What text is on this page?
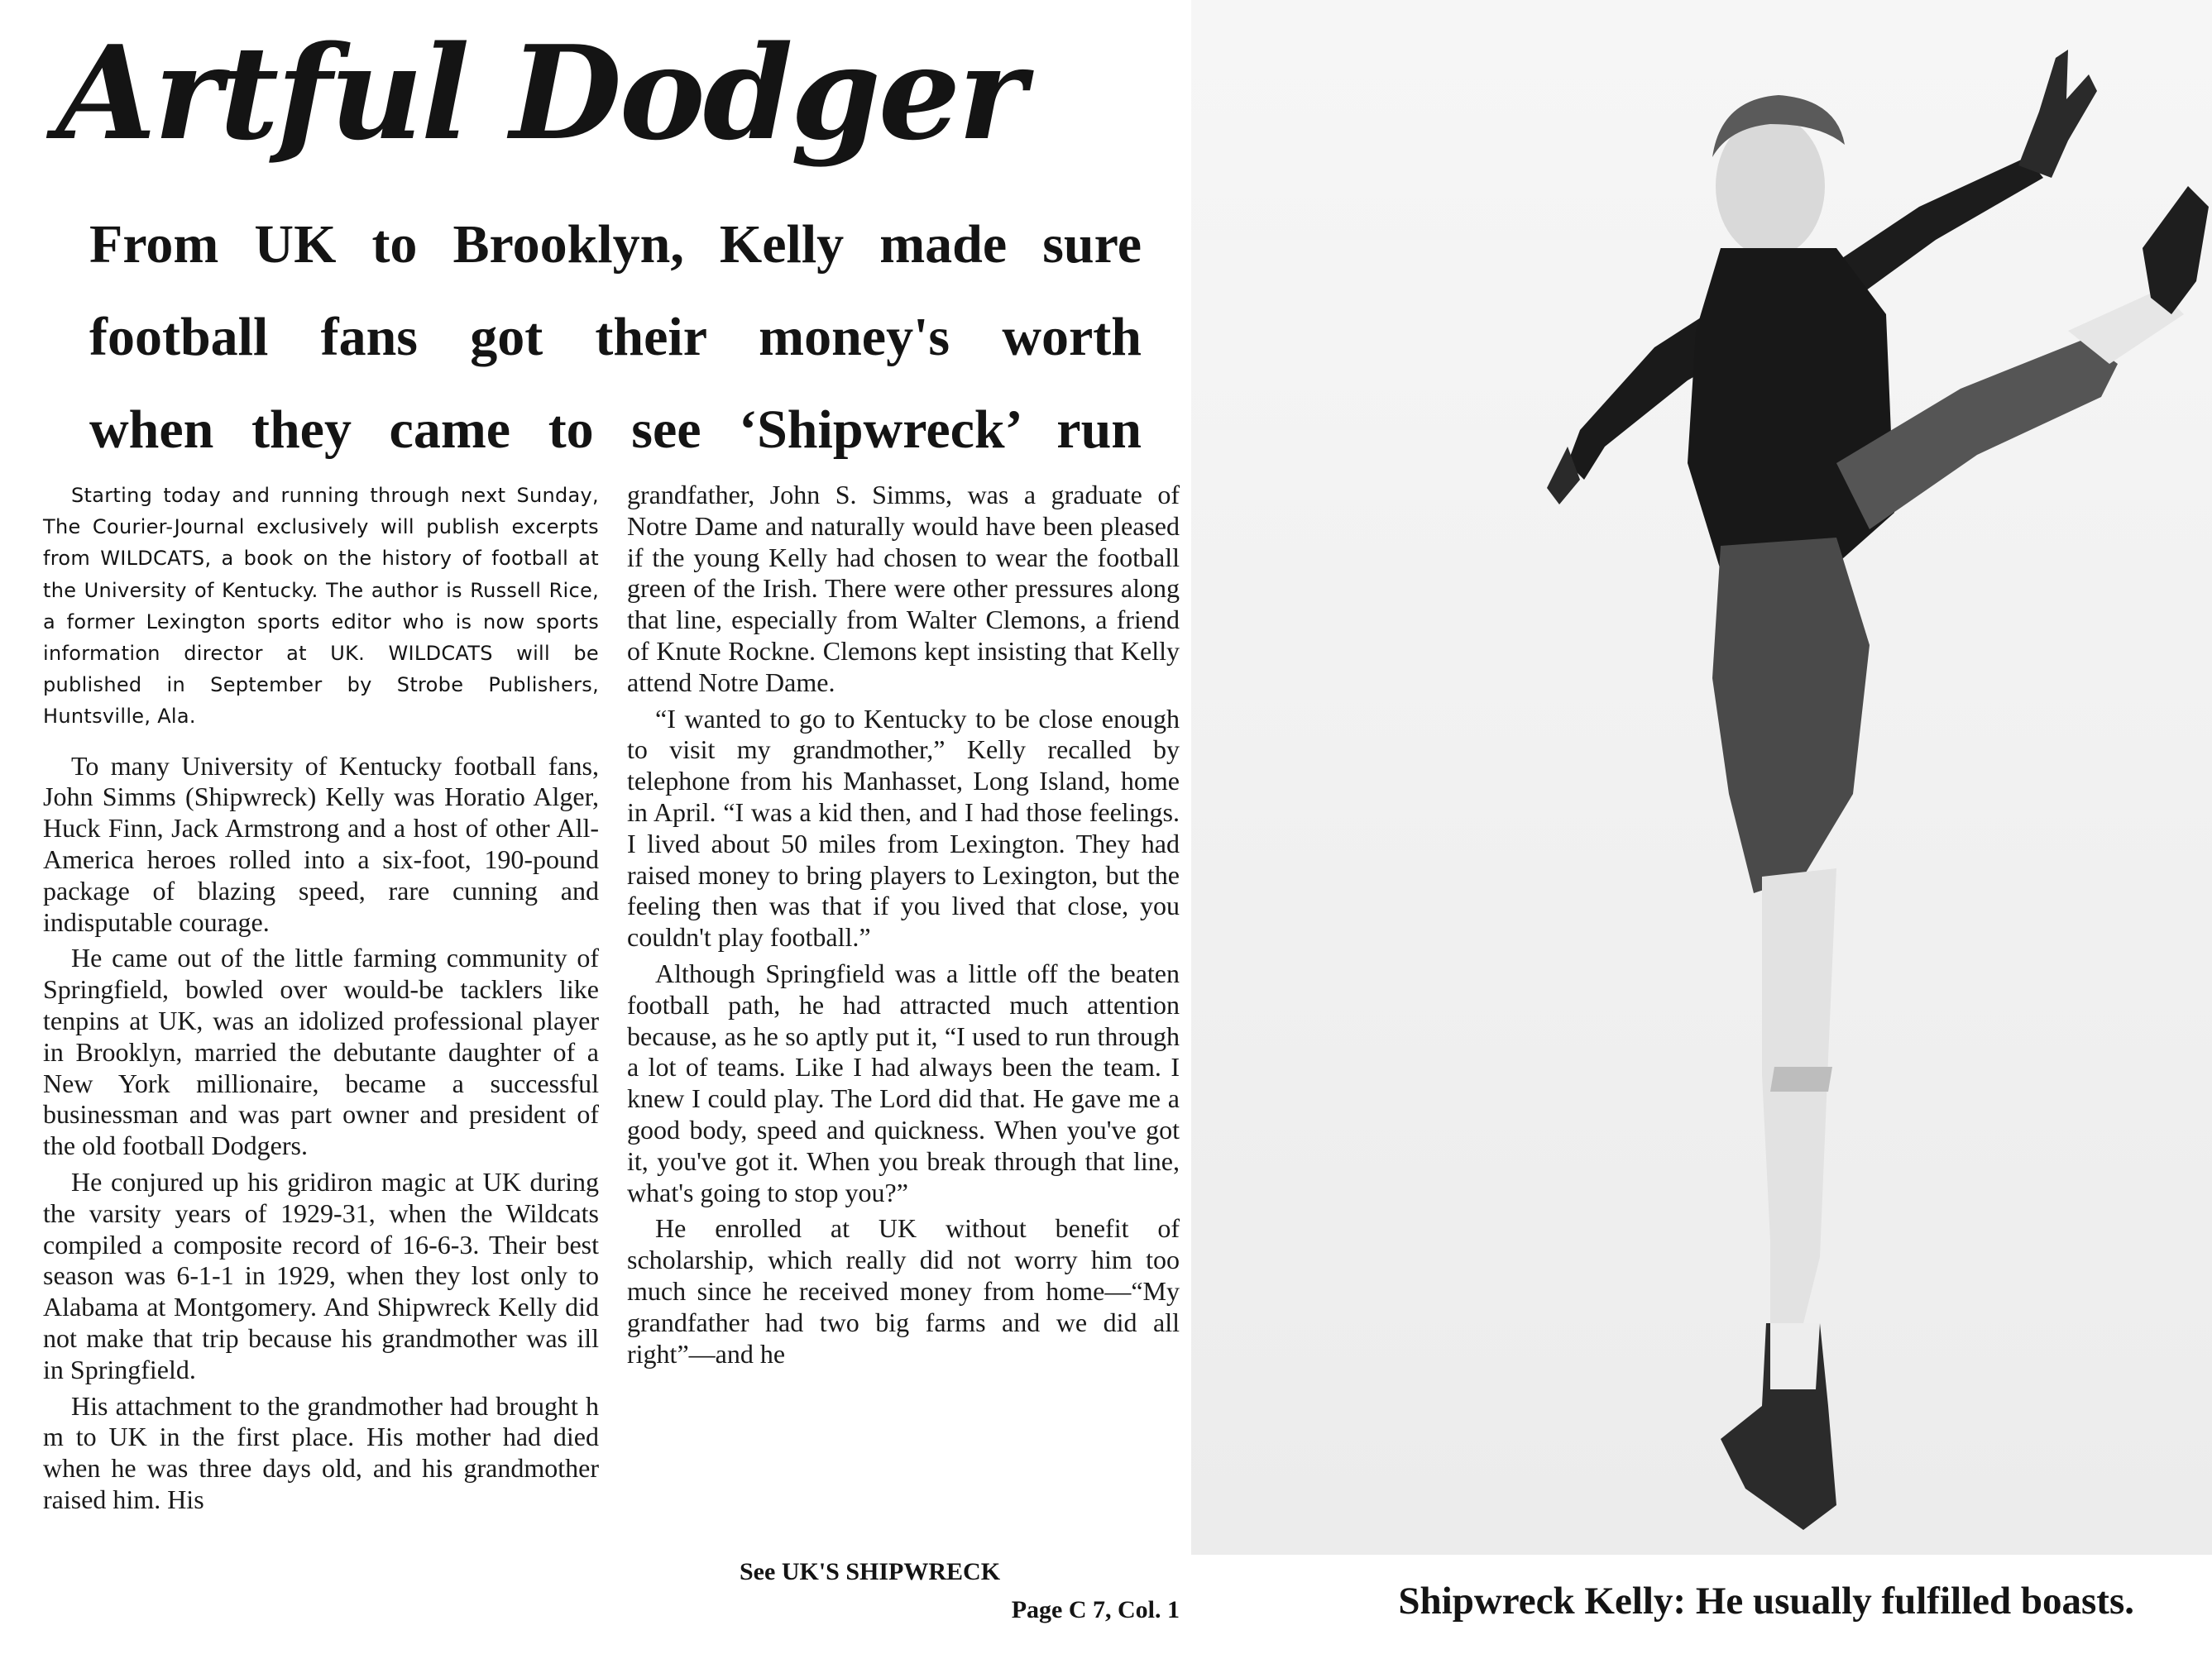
Artful Dodger
From UK to Brooklyn, Kelly made sure
football fans got their money's worth
when they came to see ‘Shipwreck’ run

Starting today and running through next Sunday, The Courier-Journal exclusively will publish excerpts from WILDCATS, a book on the history of football at the University of Kentucky. The author is Russell Rice, a former Lexington sports editor who is now sports information director at UK. WILDCATS will be published in September by Strobe Publishers, Huntsville, Ala.

To many University of Kentucky football fans, John Simms (Shipwreck) Kelly was Horatio Alger, Huck Finn, Jack Armstrong and a host of other All-America heroes rolled into a six-foot, 190-pound package of blazing speed, rare cunning and indisputable courage.

He came out of the little farming community of Springfield, bowled over would-be tacklers like tenpins at UK, was an idolized professional player in Brooklyn, married the debutante daughter of a New York millionaire, became a successful businessman and was part owner and president of the old football Dodgers.

He conjured up his gridiron magic at UK during the varsity years of 1929-31, when the Wildcats compiled a composite record of 16-6-3. Their best season was 6-1-1 in 1929, when they lost only to Alabama at Montgomery. And Shipwreck Kelly did not make that trip because his grandmother was ill in Springfield.

His attachment to the grandmother had brought h m to UK in the first place. His mother had died when he was three days old, and his grandmother raised him. His

grandfather, John S. Simms, was a graduate of Notre Dame and naturally would have been pleased if the young Kelly had chosen to wear the football green of the Irish. There were other pressures along that line, especially from Walter Clemons, a friend of Knute Rockne. Clemons kept insisting that Kelly attend Notre Dame.

“I wanted to go to Kentucky to be close enough to visit my grandmother,” Kelly recalled by telephone from his Manhasset, Long Island, home in April. “I was a kid then, and I had those feelings. I lived about 50 miles from Lexington. They had raised money to bring players to Lexington, but the feeling then was that if you lived that close, you couldn't play football.”

Although Springfield was a little off the beaten football path, he had attracted much attention because, as he so aptly put it, “I used to run through a lot of teams. Like I had always been the team. I knew I could play. The Lord did that. He gave me a good body, speed and quickness. When you've got it, you've got it. When you break through that line, what's going to stop you?”

He enrolled at UK without benefit of scholarship, which really did not worry him too much since he received money from home—“My grandfather had two big farms and we did all right”—and he

See UK'S SHIPWRECK
Page C 7, Col. 1	Shipwreck Kelly: He usually fulfilled boasts.
